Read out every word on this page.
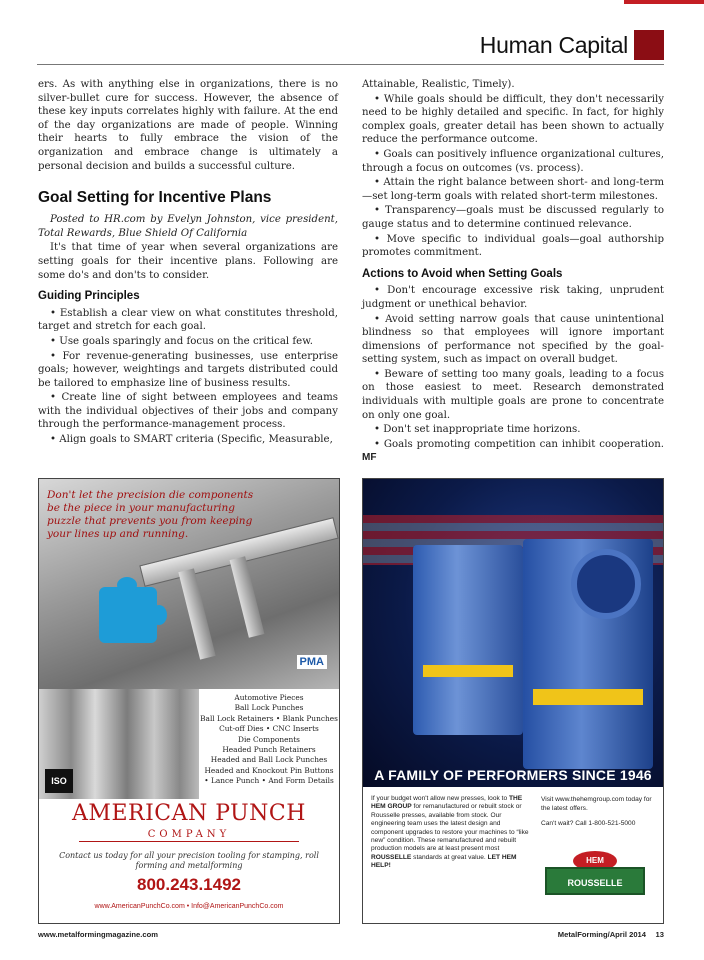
Human Capital

ers. As with anything else in organizations, there is no silver-bullet cure for success. However, the absence of these key inputs correlates highly with failure. At the end of the day organizations are made of people. Winning their hearts to fully embrace the vision of the organization and embrace change is ultimately a personal decision and builds a successful culture.

Goal Setting for Incentive Plans

Posted to HR.com by Evelyn Johnston, vice president, Total Rewards, Blue Shield Of California

It's that time of year when several organizations are setting goals for their incentive plans. Following are some do's and don'ts to consider.

Guiding Principles

• Establish a clear view on what constitutes threshold, target and stretch for each goal.

• Use goals sparingly and focus on the critical few.

• For revenue-generating businesses, use enterprise goals; however, weightings and targets distributed could be tailored to emphasize line of business results.

• Create line of sight between employees and teams with the individual objectives of their jobs and company through the performance-management process.

• Align goals to SMART criteria (Specific, Measurable,

Attainable, Realistic, Timely).

• While goals should be difficult, they don't necessarily need to be highly detailed and specific. In fact, for highly complex goals, greater detail has been shown to actually reduce the performance outcome.

• Goals can positively influence organizational cultures, through a focus on outcomes (vs. process).

• Attain the right balance between short- and long-term—set long-term goals with related short-term milestones.

• Transparency—goals must be discussed regularly to gauge status and to determine continued relevance.

• Move specific to individual goals—goal authorship promotes commitment.

Actions to Avoid when Setting Goals

• Don't encourage excessive risk taking, unprudent judgment or unethical behavior.

• Avoid setting narrow goals that cause unintentional blindness so that employees will ignore important dimensions of performance not specified by the goal-setting system, such as impact on overall budget.

• Beware of setting too many goals, leading to a focus on those easiest to meet. Research demonstrated individuals with multiple goals are prone to concentrate on only one goal.

• Don't set inappropriate time horizons.

• Goals promoting competition can inhibit cooperation. MF

PMA
Don't let the precision die components be the piece in your manufacturing puzzle that prevents you from keeping your lines up and running.
ISO
Automotive Pieces
Ball Lock Punches
Ball Lock Retainers • Blank Punches
Cut-off Dies • CNC Inserts
Die Components
Headed Punch Retainers
Headed and Ball Lock Punches
Headed and Knockout Pin Buttons
• Lance Punch • And Form Details
AMERICAN PUNCH
COMPANY
Contact us today for all your precision tooling for stamping, roll forming and metalforming
800.243.1492
www.AmericanPunchCo.com • Info@AmericanPunchCo.com
A FAMILY OF PERFORMERS SINCE 1946
If your budget won't allow new presses, look to THE HEM GROUP for remanufactured or rebuilt stock or Rousselle presses, available from stock. Our engineering team uses the latest design and component upgrades to restore your machines to “like new” condition. These remanufactured and rebuilt production models are at least present most ROUSSELLE standards at great value. LET HEM HELP!
Visit www.thehemgroup.com today for the latest offers.
Can't wait? Call 1-800-521-5000
HEM
ROUSSELLE
www.metalformingmagazine.com	MetalForming/April 2014 13
